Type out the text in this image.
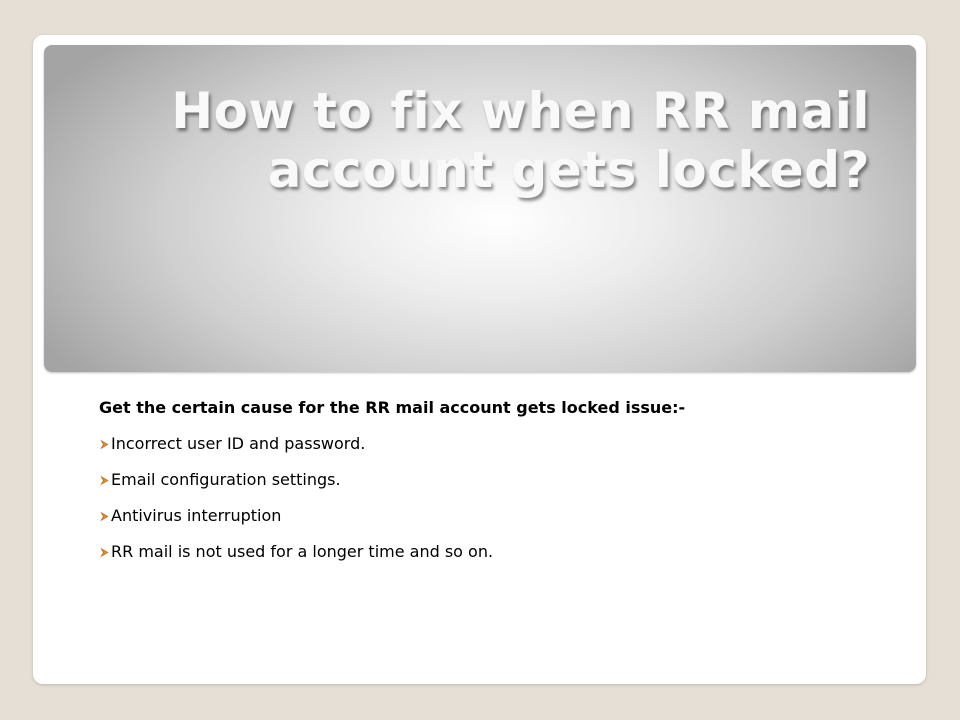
How to fix when RR mail account gets locked?

Get the certain cause for the RR mail account gets locked issue:-

Incorrect user ID and password.
Email configuration settings.
Antivirus interruption
RR mail is not used for a longer time and so on.
